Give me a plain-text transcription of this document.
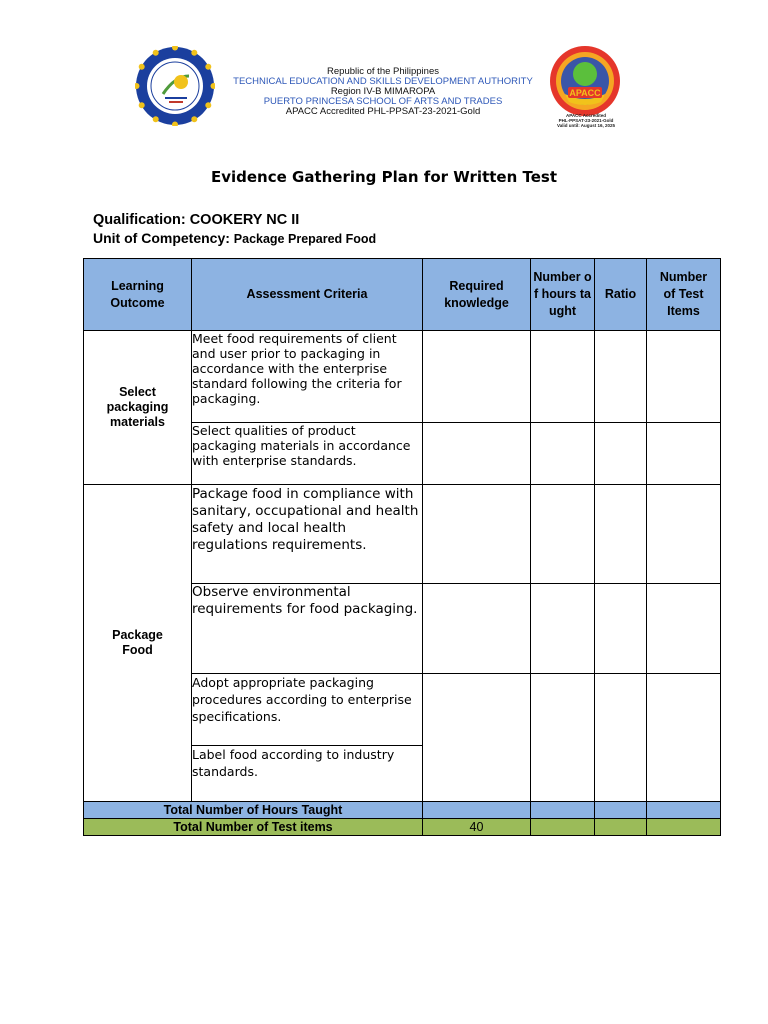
Republic of the Philippines
TECHNICAL EDUCATION AND SKILLS DEVELOPMENT AUTHORITY
Region IV-B MIMAROPA
PUERTO PRINCESA SCHOOL OF ARTS AND TRADES
APACC Accredited PHL-PPSAT-23-2021-Gold
APACC
APACC Accredited
PHL-PPSAT-23-2021-Gold
Valid until: August 16, 2025
Evidence Gathering Plan for Written Test
Qualification: COOKERY NC II
Unit of Competency: Package Prepared Food
Learning Outcome	Assessment Criteria	Required knowledge	Number of hours taught	Ratio	Number of Test Items
Select packaging materials	Meet food requirements of client and user prior to packaging in accordance with the enterprise standard following the criteria for packaging.				
	Select qualities of product packaging materials in accordance with enterprise standards.				
Package Food	Package food in compliance with sanitary, occupational and health safety and local health regulations requirements.				
	Observe environmental requirements for food packaging.				
	Adopt appropriate packaging procedures according to enterprise specifications.				
	Label food according to industry standards.				
Total Number of Hours Taught					
Total Number of Test items		40			
